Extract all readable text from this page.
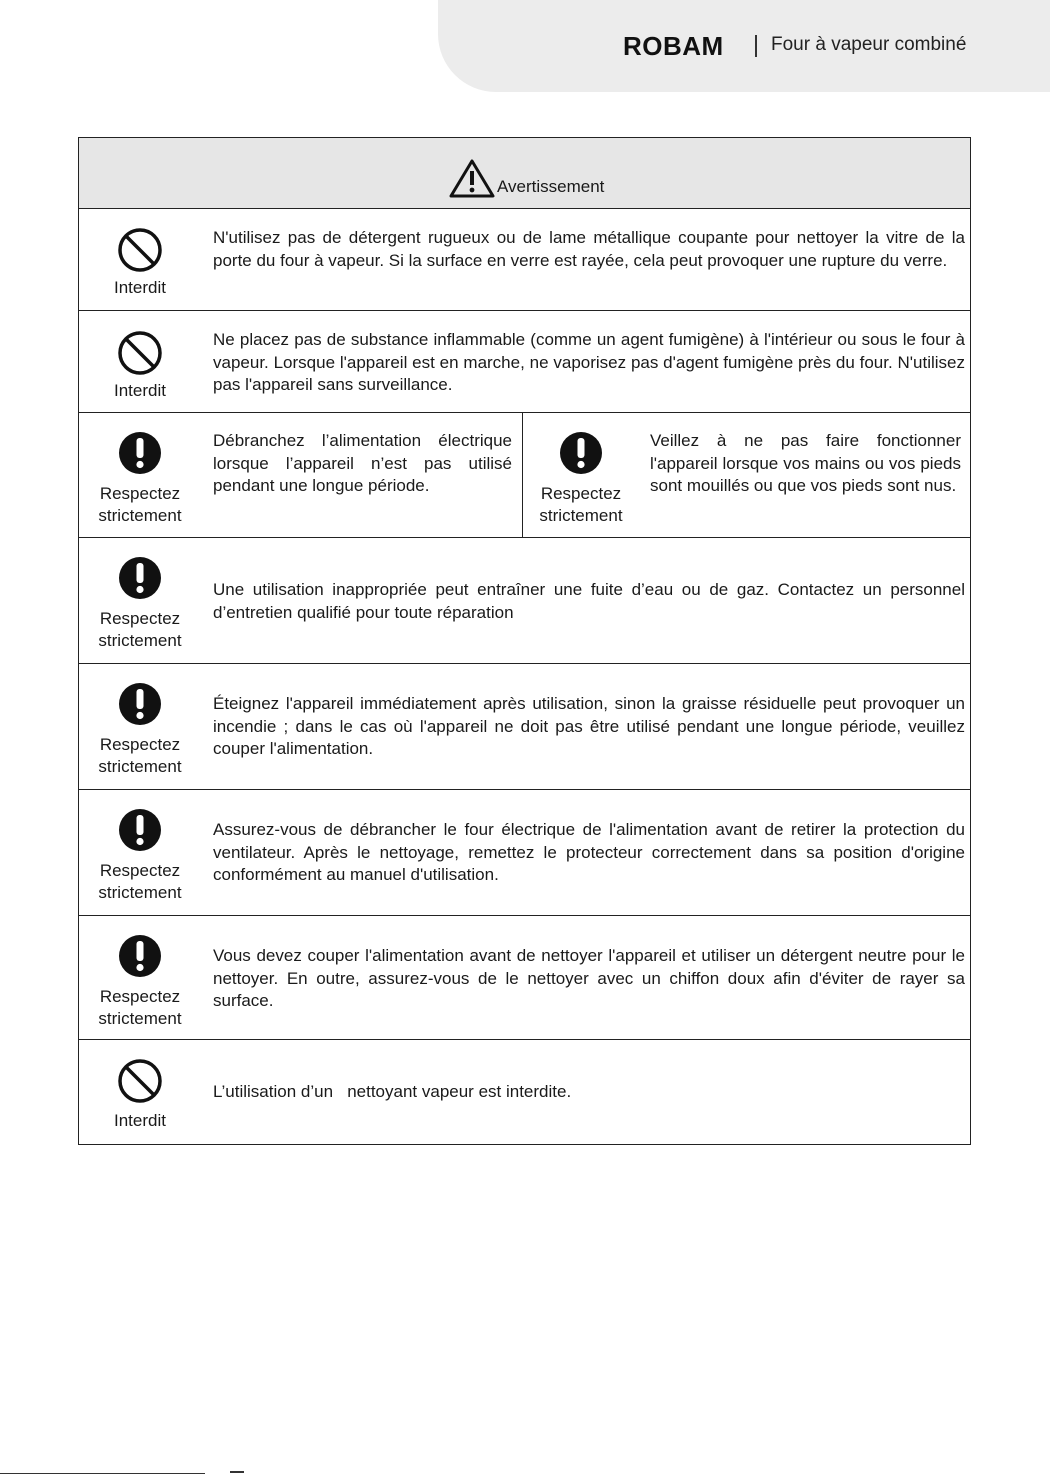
ROBAM Four à vapeur combiné
Avertissement
Interdit
N'utilisez pas de détergent rugueux ou de lame métallique coupante pour nettoyer la vitre de la porte du four à vapeur. Si la surface en verre est rayée, cela peut provoquer une rupture du verre.
Interdit
Ne placez pas de substance inflammable (comme un agent fumigène) à l'intérieur ou sous le four à vapeur. Lorsque l'appareil est en marche, ne vaporisez pas d'agent fumigène près du four. N'utilisez pas l'appareil sans surveillance.
Respectez
strictement
Débranchez l’alimentation électrique lorsque l’appareil n’est pas utilisé pendant une longue période.	Respectez
strictement
Veillez à ne pas faire fonctionner l'appareil lorsque vos mains ou vos pieds sont mouillés ou que vos pieds sont nus.
Respectez
strictement
Une utilisation inappropriée peut entraîner une fuite d’eau ou de gaz. Contactez un personnel d’entretien qualifié pour toute réparation
Respectez
strictement
Éteignez l'appareil immédiatement après utilisation, sinon la graisse résiduelle peut provoquer un incendie ; dans le cas où l'appareil ne doit pas être utilisé pendant une longue période, veuillez couper l'alimentation.
Respectez
strictement
Assurez-vous de débrancher le four électrique de l'alimentation avant de retirer la protection du ventilateur. Après le nettoyage, remettez le protecteur correctement dans sa position d'origine conformément au manuel d'utilisation.
Respectez
strictement
Vous devez couper l'alimentation avant de nettoyer l'appareil et utiliser un détergent neutre pour le nettoyer. En outre, assurez-vous de le nettoyer avec un chiffon doux afin d'éviter de rayer sa surface.
Interdit
L’utilisation d’un   nettoyant vapeur est interdite.
